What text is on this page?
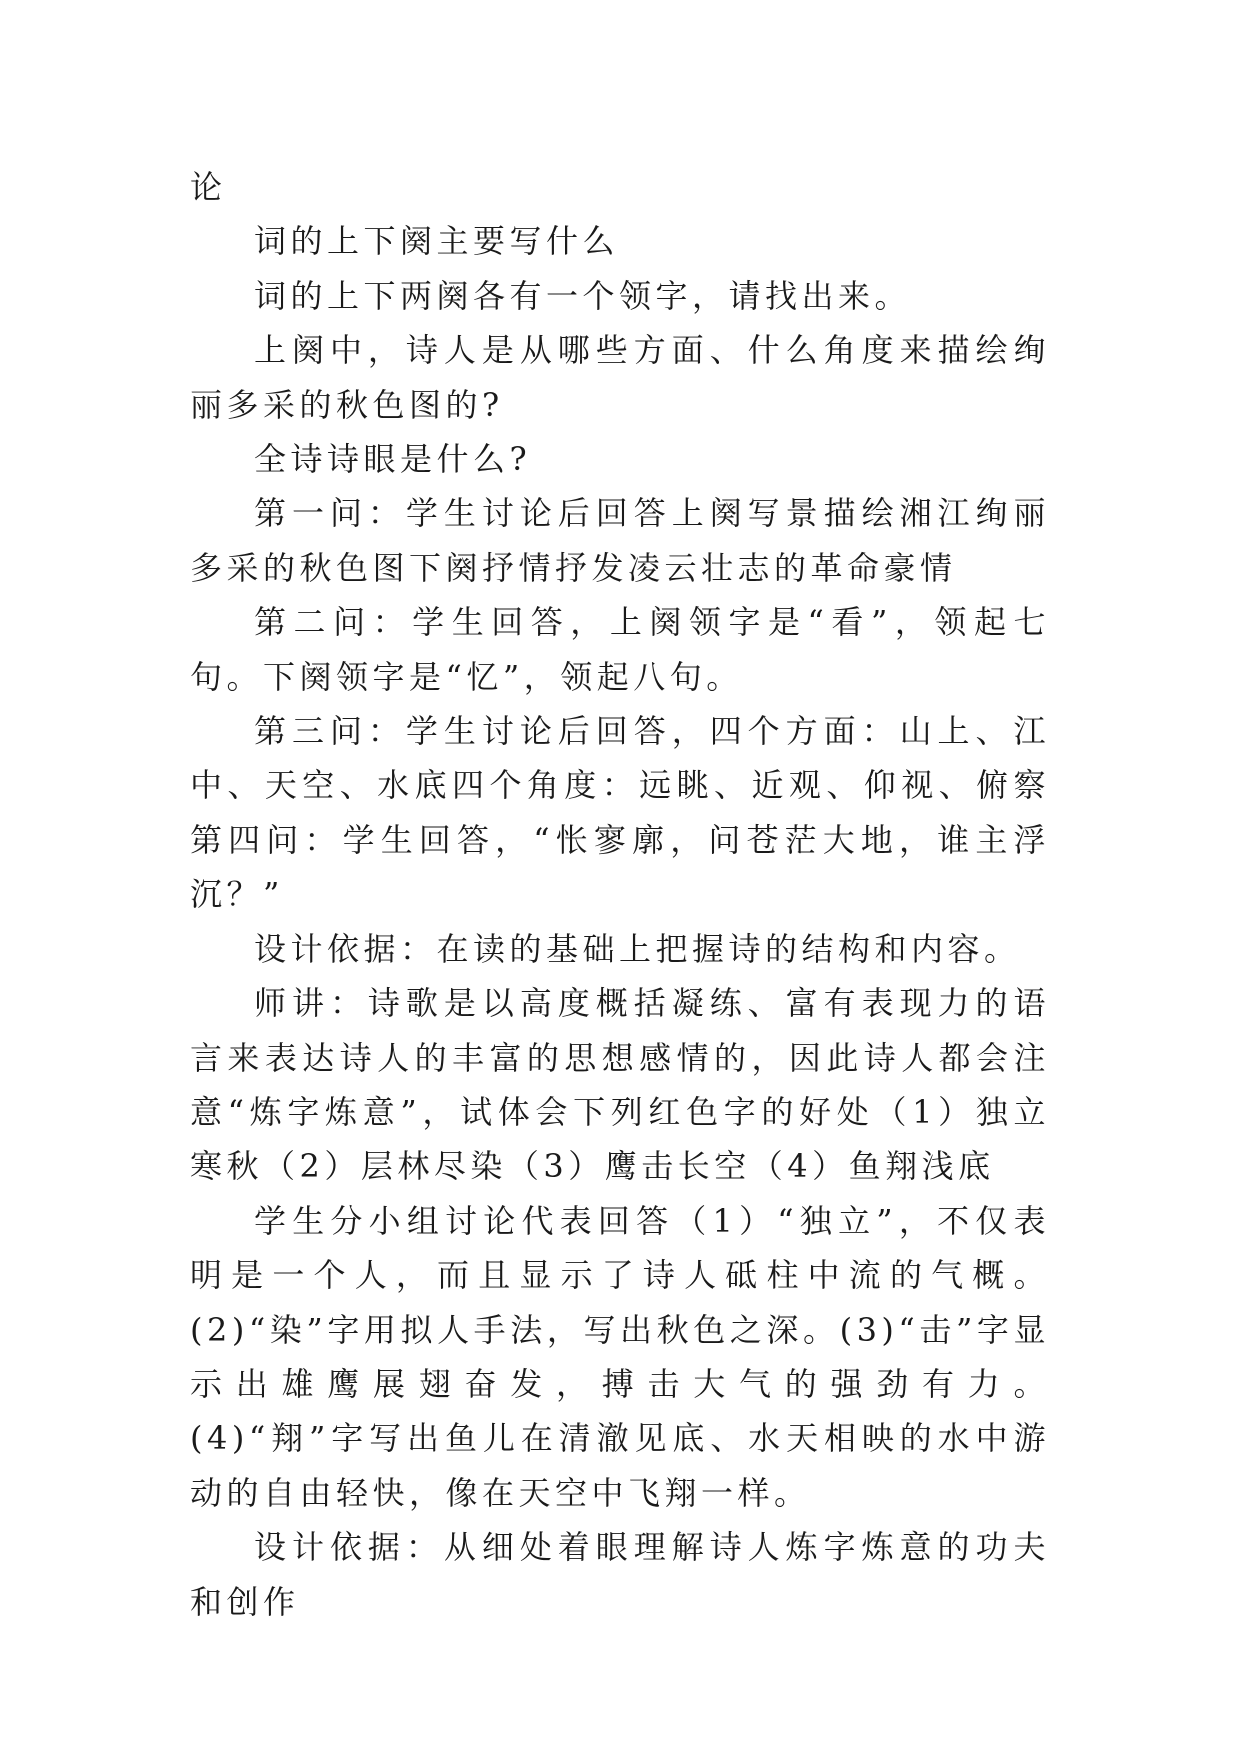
论

词的上下阕主要写什么

词的上下两阕各有一个领字，请找出来。

上阕中，诗人是从哪些方面、什么角度来描绘绚丽多采的秋色图的?

全诗诗眼是什么?

第一问：学生讨论后回答上阕写景描绘湘江绚丽多采的秋色图下阕抒情抒发凌云壮志的革命豪情

第二问：学生回答，上阕领字是“看”，领起七句。下阕领字是“忆”，领起八句。

第三问：学生讨论后回答，四个方面：山上、江中、天空、水底四个角度：远眺、近观、仰视、俯察第四问：学生回答，“怅寥廓，问苍茫大地，谁主浮沉？”

设计依据：在读的基础上把握诗的结构和内容。

师讲：诗歌是以高度概括凝练、富有表现力的语言来表达诗人的丰富的思想感情的，因此诗人都会注意“炼字炼意”，试体会下列红色字的好处（1）独立寒秋（2）层林尽染（3）鹰击长空（4）鱼翔浅底

学生分小组讨论代表回答（1）“独立”，不仅表明是一个人，而且显示了诗人砥柱中流的气概。(2)“染”字用拟人手法，写出秋色之深。(3)“击”字显示出雄鹰展翅奋发，搏击大气的强劲有力。(4)“翔”字写出鱼儿在清澈见底、水天相映的水中游动的自由轻快，像在天空中飞翔一样。

设计依据：从细处着眼理解诗人炼字炼意的功夫和创作
